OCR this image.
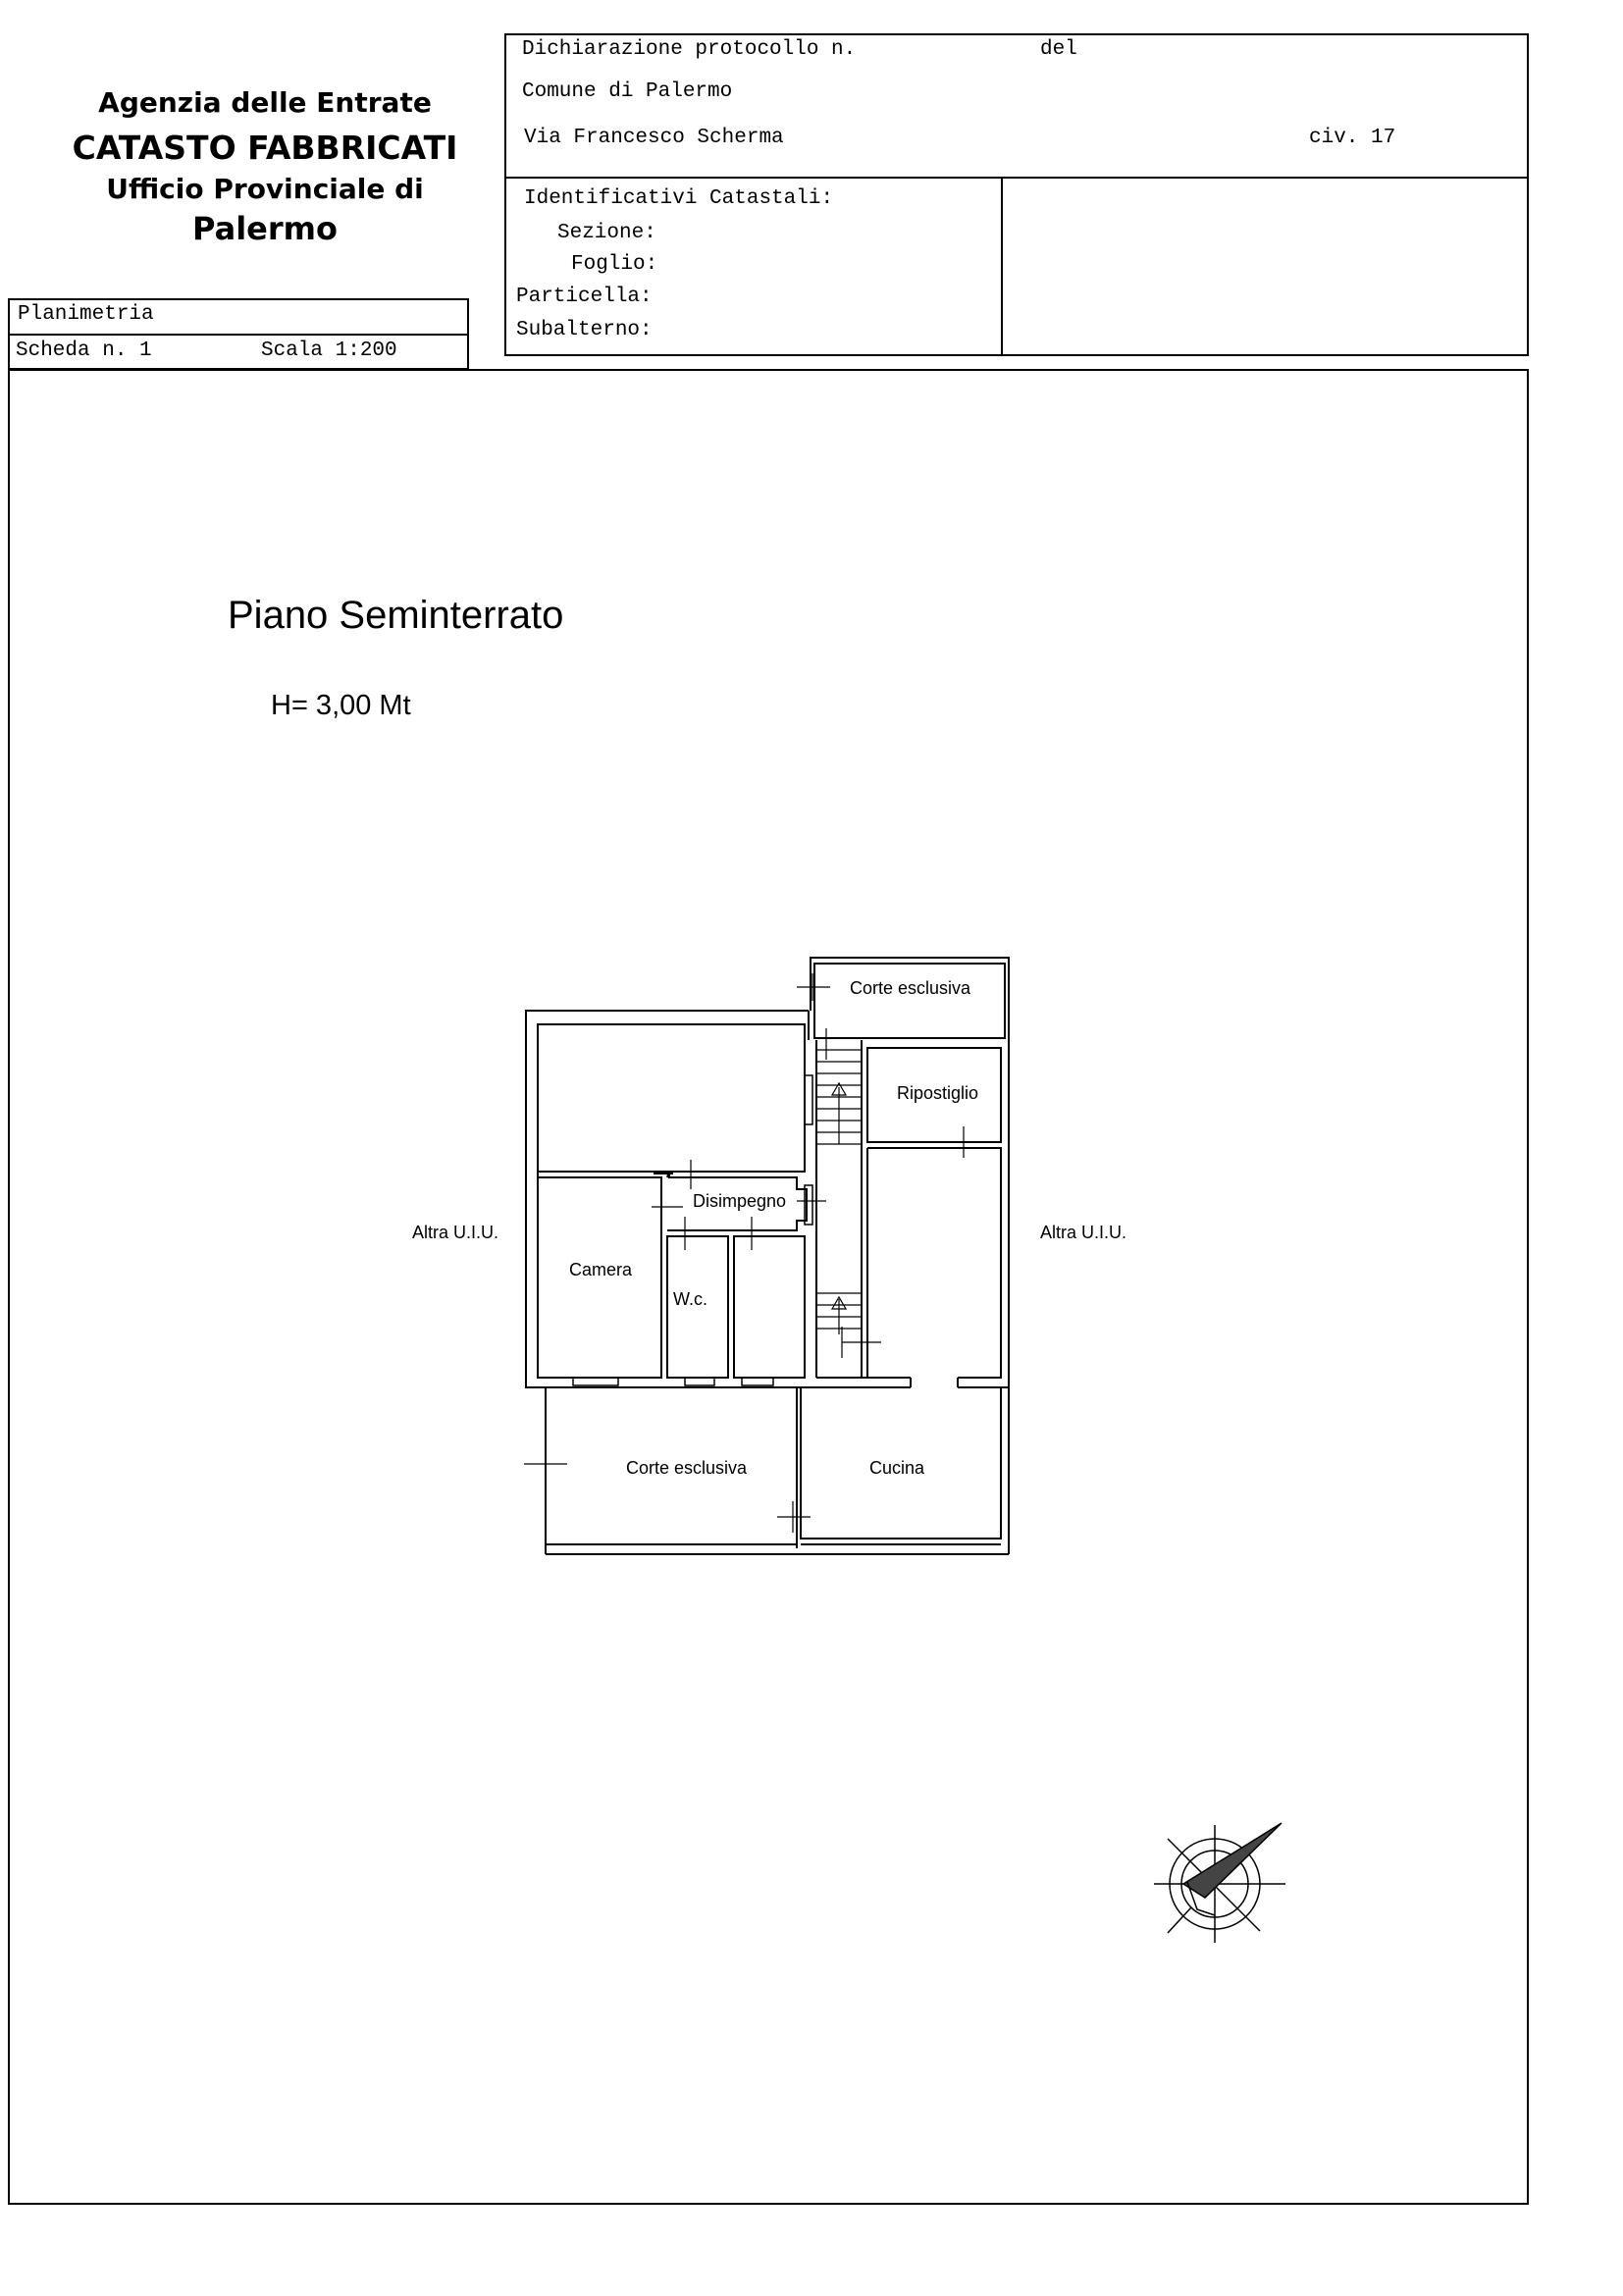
Agenzia delle Entrate
CATASTO FABBRICATI
Ufficio Provinciale di
Palermo
Dichiarazione protocollo n.	del
Comune di Palermo
Via Francesco Scherma	civ. 17
Identificativi Catastali:
Sezione:
Foglio:
Particella:
Subalterno:
Planimetria
Scheda n. 1	Scala 1:200
Piano Seminterrato
H= 3,00 Mt
Corte esclusiva
Ripostiglio
Disimpegno
Camera
W.c.
Corte esclusiva	Cucina
Altra U.I.U.	Altra U.I.U.
